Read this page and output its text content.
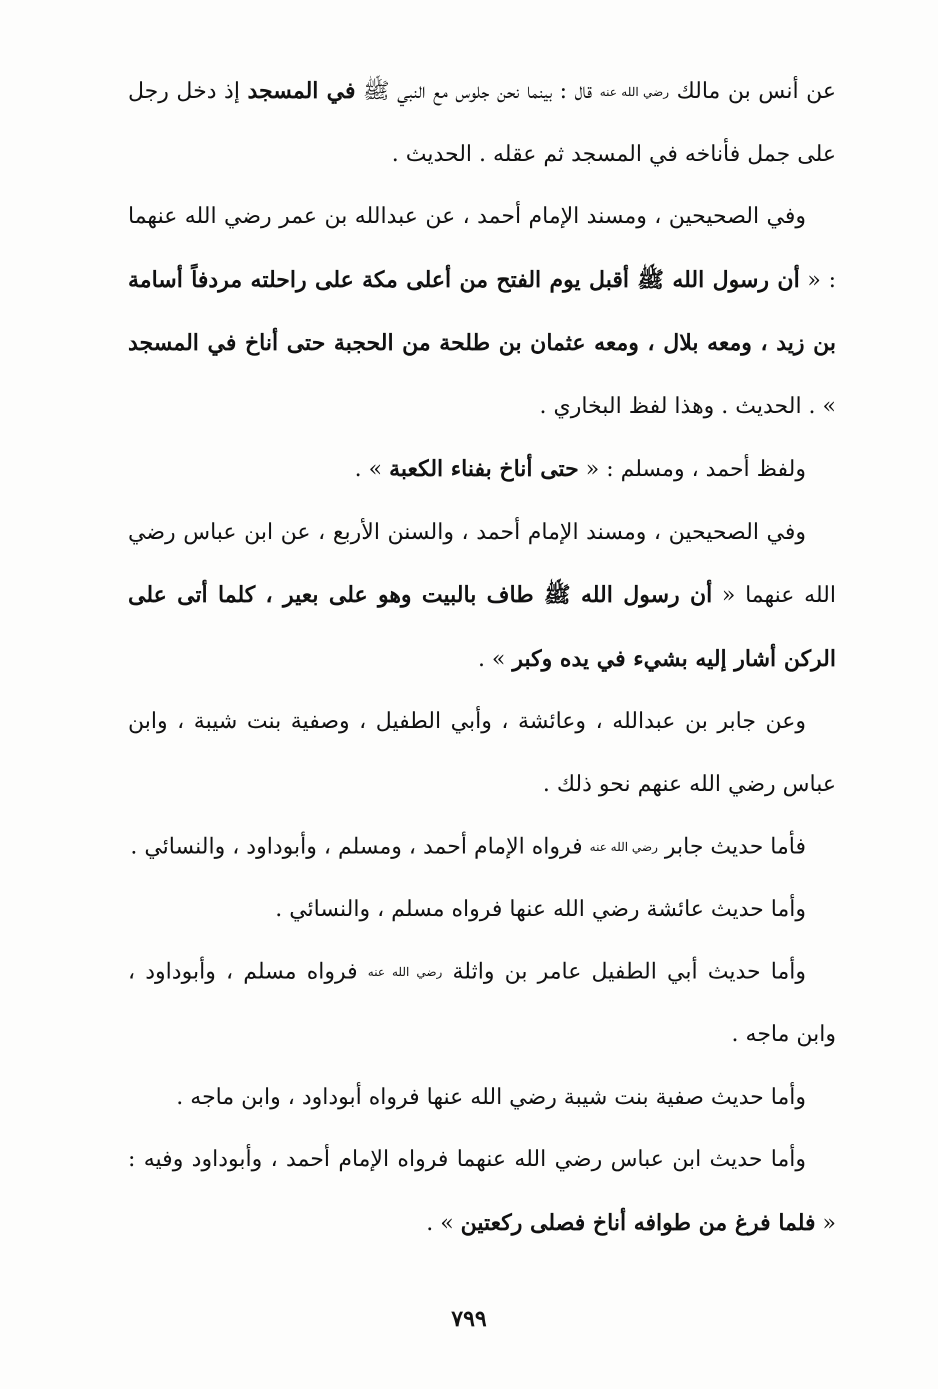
عن أنس بن مالك رضي الله عنه قال : بينما نحن جلوس مع النبي ﷺ في المسجد إذ دخل رجل على جمل فأناخه في المسجد ثم عقله . الحديث .

وفي الصحيحين ، ومسند الإمام أحمد ، عن عبدالله بن عمر رضي الله عنهما : « أن رسول الله ﷺ أقبل يوم الفتح من أعلى مكة على راحلته مردفاً أسامة بن زيد ، ومعه بلال ، ومعه عثمان بن طلحة من الحجبة حتى أناخ في المسجد » . الحديث . وهذا لفظ البخاري .

ولفظ أحمد ، ومسلم : « حتى أناخ بفناء الكعبة » .

وفي الصحيحين ، ومسند الإمام أحمد ، والسنن الأربع ، عن ابن عباس رضي الله عنهما « أن رسول الله ﷺ طاف بالبيت وهو على بعير ، كلما أتى على الركن أشار إليه بشيء في يده وكبر » .

وعن جابر بن عبدالله ، وعائشة ، وأبي الطفيل ، وصفية بنت شيبة ، وابن عباس رضي الله عنهم نحو ذلك .

فأما حديث جابر رضي الله عنه فرواه الإمام أحمد ، ومسلم ، وأبوداود ، والنسائي .

وأما حديث عائشة رضي الله عنها فرواه مسلم ، والنسائي .

وأما حديث أبي الطفيل عامر بن واثلة رضي الله عنه فرواه مسلم ، وأبوداود ، وابن ماجه .

وأما حديث صفية بنت شيبة رضي الله عنها فرواه أبوداود ، وابن ماجه .

وأما حديث ابن عباس رضي الله عنهما فرواه الإمام أحمد ، وأبوداود وفيه : « فلما فرغ من طوافه أناخ فصلى ركعتين » .

٧٩٩
